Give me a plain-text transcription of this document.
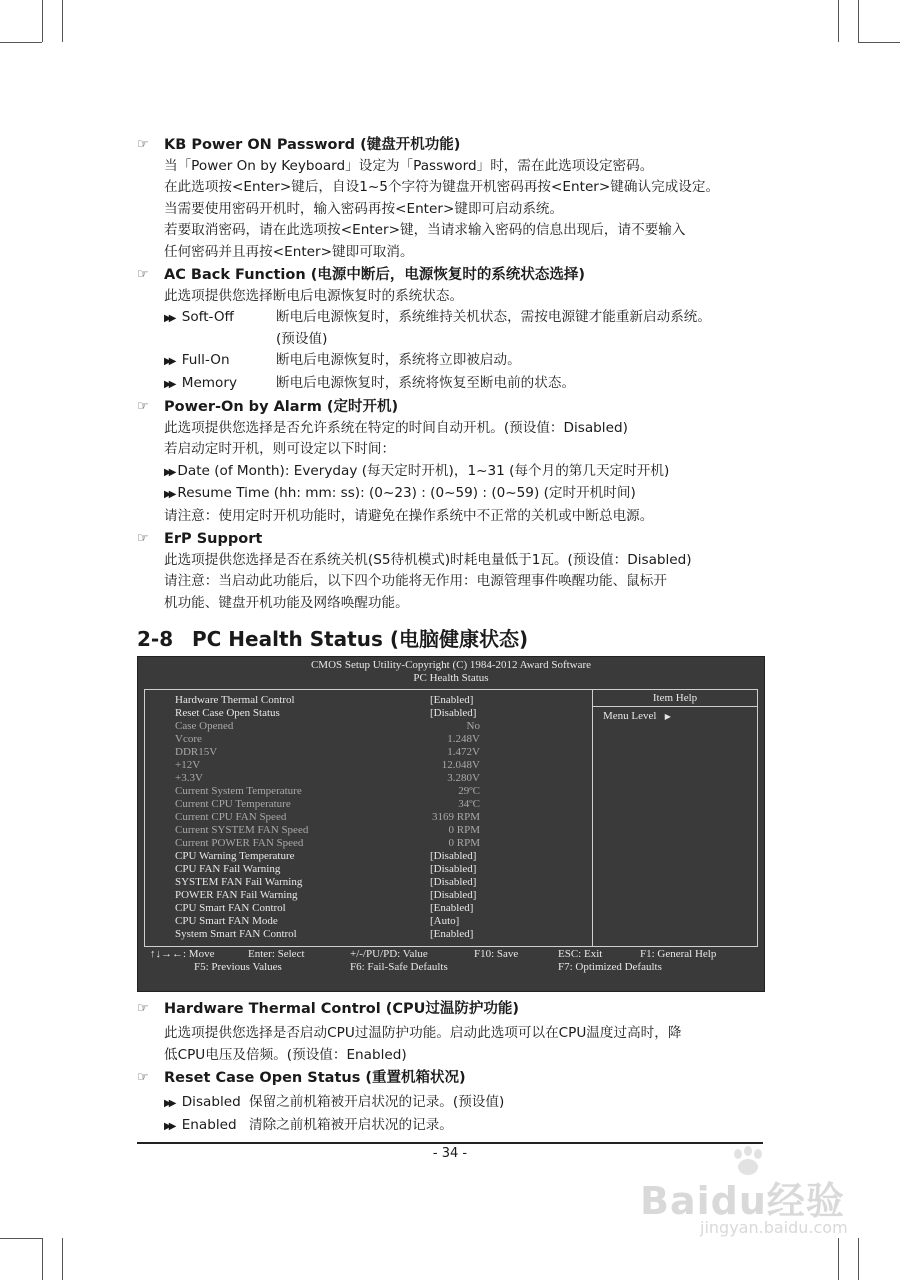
☞ KB Power ON Password (键盘开机功能)
当「Power On by Keyboard」设定为「Password」时，需在此选项设定密码。
在此选项按<Enter>键后，自设1~5个字符为键盘开机密码再按<Enter>键确认完成设定。
当需要使用密码开机时，输入密码再按<Enter>键即可启动系统。
若要取消密码，请在此选项按<Enter>键，当请求输入密码的信息出现后，请不要输入
任何密码并且再按<Enter>键即可取消。
☞ AC Back Function (电源中断后，电源恢复时的系统状态选择)
此选项提供您选择断电后电源恢复时的系统状态。
▶▶ Soft-Off	断电后电源恢复时，系统维持关机状态，需按电源键才能重新启动系统。
(预设值)
▶▶ Full-On	断电后电源恢复时，系统将立即被启动。
▶▶ Memory	断电后电源恢复时，系统将恢复至断电前的状态。
☞ Power-On by Alarm (定时开机)
此选项提供您选择是否允许系统在特定的时间自动开机。(预设值：Disabled)
若启动定时开机，则可设定以下时间：
▶▶ Date (of Month): Everyday (每天定时开机)，1~31 (每个月的第几天定时开机)
▶▶ Resume Time (hh: mm: ss): (0~23) : (0~59) : (0~59) (定时开机时间)
请注意：使用定时开机功能时，请避免在操作系统中不正常的关机或中断总电源。
☞ ErP Support
此选项提供您选择是否在系统关机(S5待机模式)时耗电量低于1瓦。(预设值：Disabled)
请注意：当启动此功能后，以下四个功能将无作用：电源管理事件唤醒功能、鼠标开
机功能、键盘开机功能及网络唤醒功能。
2-8 PC Health Status (电脑健康状态)
CMOS Setup Utility-Copyright (C) 1984-2012 Award Software
PC Health Status
Item Help
Menu Level ▶
Hardware Thermal Control	[Enabled]
Reset Case Open Status	[Disabled]
Case Opened	No
Vcore	1.248V
DDR15V	1.472V
+12V	12.048V
+3.3V	3.280V
Current System Temperature	29ºC
Current CPU Temperature	34ºC
Current CPU FAN Speed	3169 RPM
Current SYSTEM FAN Speed	0 RPM
Current POWER FAN Speed	0 RPM
CPU Warning Temperature	[Disabled]
CPU FAN Fail Warning	[Disabled]
SYSTEM FAN Fail Warning	[Disabled]
POWER FAN Fail Warning	[Disabled]
CPU Smart FAN Control	[Enabled]
CPU Smart FAN Mode	[Auto]
System Smart FAN Control	[Enabled]
↑↓→←: Move	Enter: Select	+/-/PU/PD: Value	F10: Save	ESC: Exit	F1: General Help
F5: Previous Values	F6: Fail-Safe Defaults	F7: Optimized Defaults
☞ Hardware Thermal Control (CPU过温防护功能)
此选项提供您选择是否启动CPU过温防护功能。启动此选项可以在CPU温度过高时，降
低CPU电压及倍频。(预设值：Enabled)
☞ Reset Case Open Status (重置机箱状况)
▶▶ Disabled 保留之前机箱被开启状况的记录。(预设值)
▶▶ Enabled 清除之前机箱被开启状况的记录。
- 34 -
Baidu经验
jingyan.baidu.com
